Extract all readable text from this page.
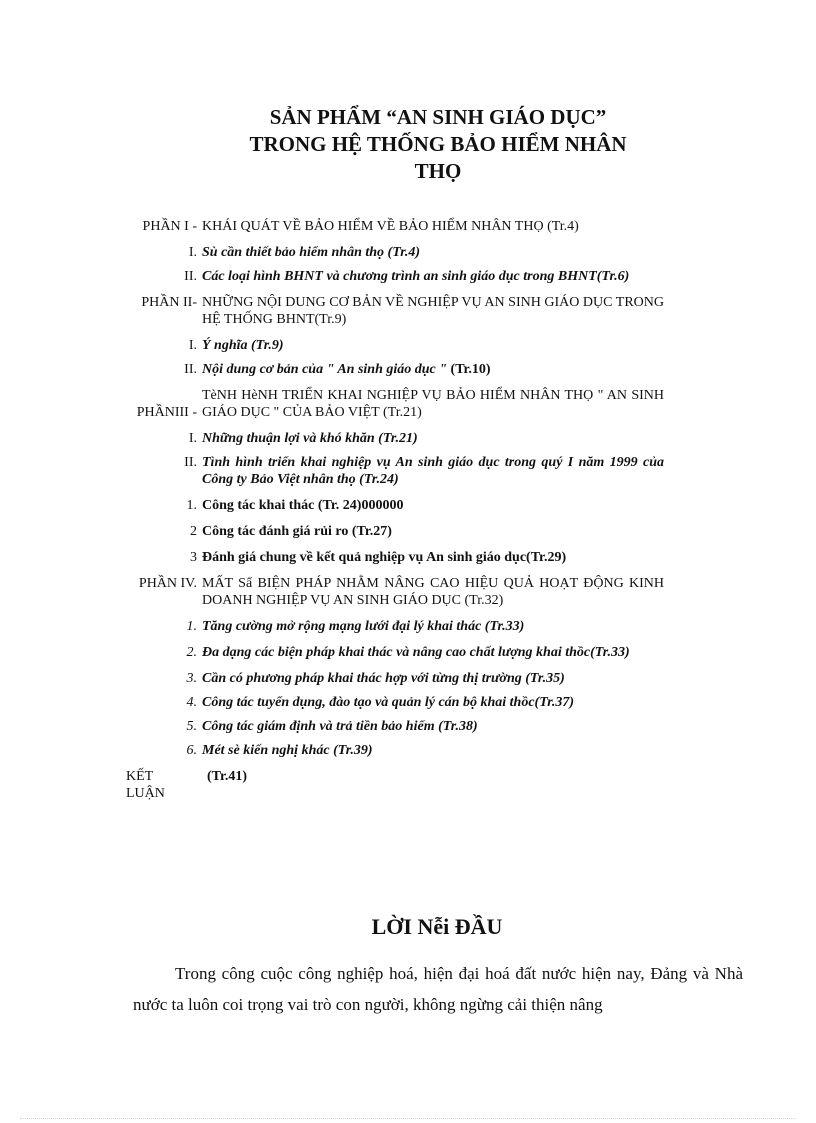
SẢN PHẨM “AN SINH GIÁO DỤC”
TRONG HỆ THỐNG BẢO HIỂM NHÂN
THỌ
PHẦN I - KHÁI QUÁT VỀ BẢO HIỂM VỀ BẢO HIỂM NHÂN THỌ (Tr.4)
I. Sù cần thiết bảo hiểm nhân thọ (Tr.4)
II. Các loại hình BHNT và chương trình an sinh giáo dục trong BHNT(Tr.6)
PHẦN II- NHỮNG NỘI DUNG CƠ BẢN VỀ NGHIỆP VỤ AN SINH GIÁO DỤC TRONG HỆ THỐNG BHNT(Tr.9)
I. Ý nghĩa (Tr.9)
II. Nội dung cơ bản của " An sinh giáo dục " (Tr.10)
PHẦNIII -
TèNH HèNH TRIỂN KHAI NGHIỆP VỤ BẢO HIỂM NHÂN THỌ " AN SINH GIÁO DỤC " CỦA BẢO VIỆT (Tr.21)
I. Những thuận lợi và khó khăn (Tr.21)
II. Tình hình triển khai nghiệp vụ An sinh giáo dục trong quý I năm 1999 của Công ty Bảo Việt nhân thọ (Tr.24)
1. Công tác khai thác (Tr. 24)000000
2 Công tác đánh giá rủi ro (Tr.27)
3 Đánh giá chung về kết quả nghiệp vụ An sinh giáo dục(Tr.29)
PHẦN IV. MẤT Sẩ BIỆN PHÁP NHẰM NÂNG CAO HIỆU QUẢ HOẠT ĐỘNG KINH DOANH NGHIỆP VỤ AN SINH GIÁO DỤC (Tr.32)
1. Tăng cường mở rộng mạng lưới đại lý khai thác (Tr.33)
2. Đa dạng các biện pháp khai thác và nâng cao chất lượng khai thồc(Tr.33)
3. Cần có phương pháp khai thác hợp với từng thị trường (Tr.35)
4. Công tác tuyển dụng, đào tạo và quản lý cán bộ khai thồc(Tr.37)
5. Công tác giám định và trả tiền bảo hiểm (Tr.38)
6. Mét sè kiến nghị khác (Tr.39)
KẾT LUẬN
(Tr.41)
LỜI Nễi ĐẦU
Trong công cuộc công nghiệp hoá, hiện đại hoá đất nước hiện nay, Đảng và Nhà nước ta luôn coi trọng vai trò con người, không ngừng cải thiện nâng
